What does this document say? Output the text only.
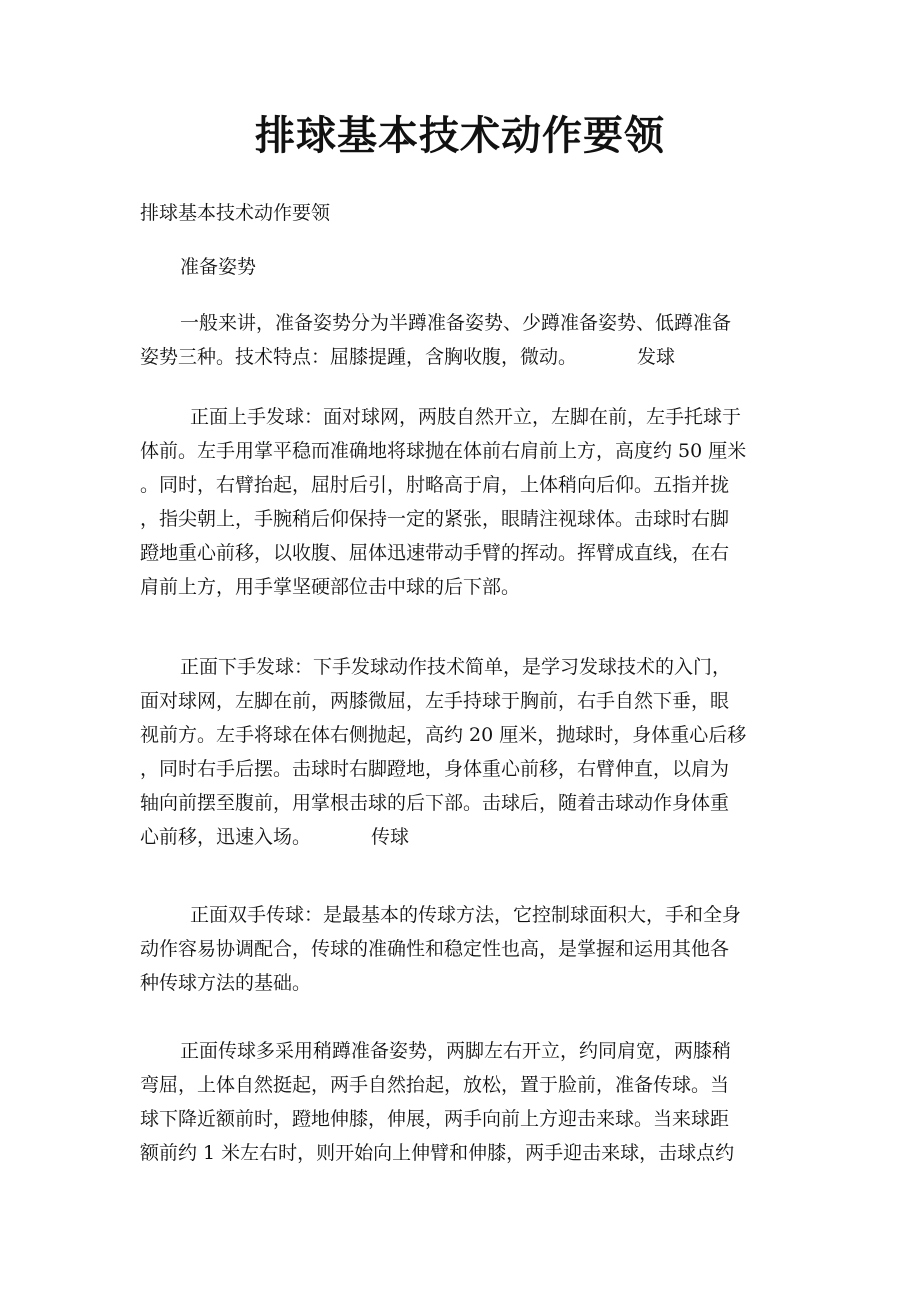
排球基本技术动作要领
排球基本技术动作要领
准备姿势
一般来讲，准备姿势分为半蹲准备姿势、少蹲准备姿势、低蹲准备
姿势三种。技术特点：屈膝提踵，含胸收腹，微动。	发球
正面上手发球：面对球网，两肢自然开立，左脚在前，左手托球于
体前。左手用掌平稳而准确地将球抛在体前右肩前上方，高度约 50 厘米
。同时，右臂抬起，屈肘后引，肘略高于肩，上体稍向后仰。五指并拢
，指尖朝上，手腕稍后仰保持一定的紧张，眼睛注视球体。击球时右脚
蹬地重心前移，以收腹、屈体迅速带动手臂的挥动。挥臂成直线，在右
肩前上方，用手掌坚硬部位击中球的后下部。
正面下手发球：下手发球动作技术简单，是学习发球技术的入门，
面对球网，左脚在前，两膝微屈，左手持球于胸前，右手自然下垂，眼
视前方。左手将球在体右侧抛起，高约 20 厘米，抛球时，身体重心后移
，同时右手后摆。击球时右脚蹬地，身体重心前移，右臂伸直，以肩为
轴向前摆至腹前，用掌根击球的后下部。击球后，随着击球动作身体重
心前移，迅速入场。	传球
正面双手传球：是最基本的传球方法，它控制球面积大，手和全身
动作容易协调配合，传球的准确性和稳定性也高，是掌握和运用其他各
种传球方法的基础。
正面传球多采用稍蹲准备姿势，两脚左右开立，约同肩宽，两膝稍
弯屈，上体自然挺起，两手自然抬起，放松，置于脸前，准备传球。当
球下降近额前时，蹬地伸膝，伸展，两手向前上方迎击来球。当来球距
额前约 1 米左右时，则开始向上伸臂和伸膝，两手迎击来球，击球点约
